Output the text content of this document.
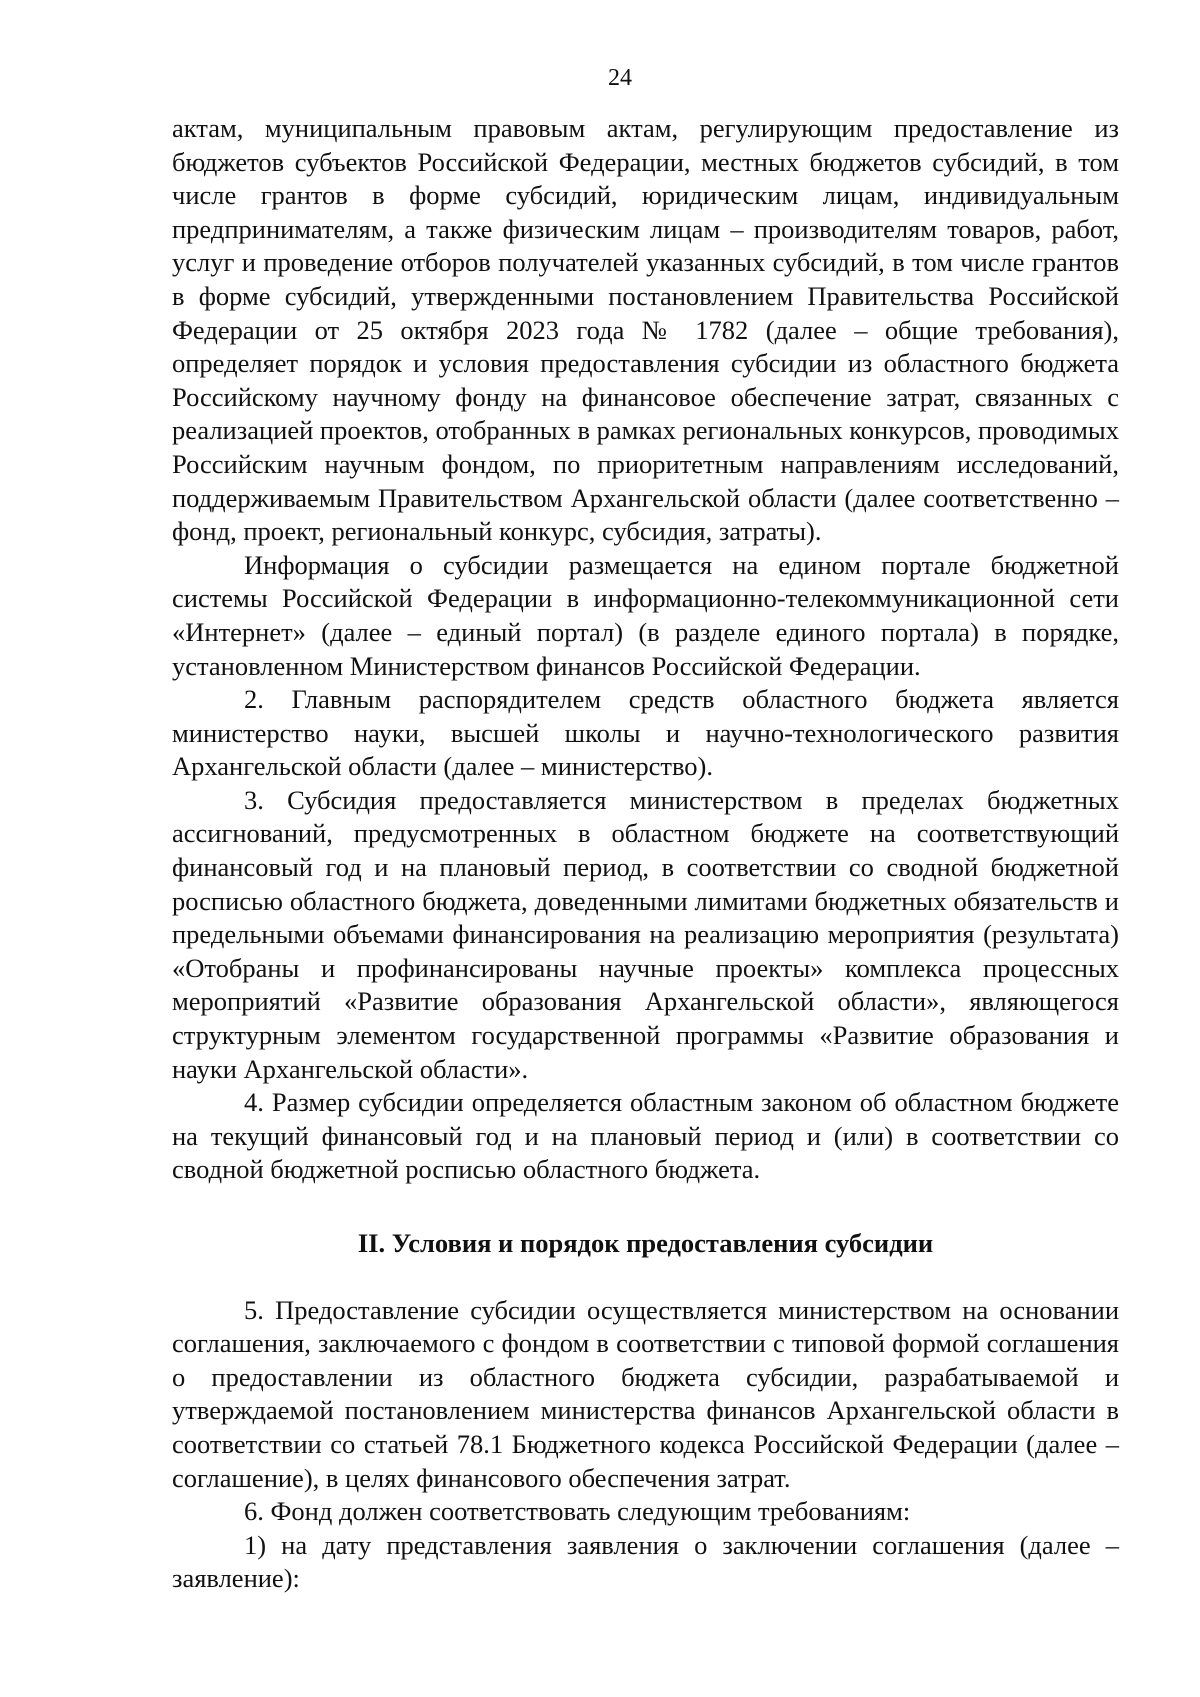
24

актам, муниципальным правовым актам, регулирующим предоставление из бюджетов субъектов Российской Федерации, местных бюджетов субсидий, в том числе грантов в форме субсидий, юридическим лицам, индивидуальным предпринимателям, а также физическим лицам – производителям товаров, работ, услуг и проведение отборов получателей указанных субсидий, в том числе грантов в форме субсидий, утвержденными постановлением Правительства Российской Федерации от 25 октября 2023 года № 1782 (далее – общие требования), определяет порядок и условия предоставления субсидии из областного бюджета Российскому научному фонду на финансовое обеспечение затрат, связанных с реализацией проектов, отобранных в рамках региональных конкурсов, проводимых Российским научным фондом, по приоритетным направлениям исследований, поддерживаемым Правительством Архангельской области (далее соответственно – фонд, проект, региональный конкурс, субсидия, затраты).

Информация о субсидии размещается на едином портале бюджетной системы Российской Федерации в информационно-телекоммуникационной сети «Интернет» (далее – единый портал) (в разделе единого портала) в порядке, установленном Министерством финансов Российской Федерации.

2. Главным распорядителем средств областного бюджета является министерство науки, высшей школы и научно-технологического развития Архангельской области (далее – министерство).

3. Субсидия предоставляется министерством в пределах бюджетных ассигнований, предусмотренных в областном бюджете на соответствующий финансовый год и на плановый период, в соответствии со сводной бюджетной росписью областного бюджета, доведенными лимитами бюджетных обязательств и предельными объемами финансирования на реализацию мероприятия (результата) «Отобраны и профинансированы научные проекты» комплекса процессных мероприятий «Развитие образования Архангельской области», являющегося структурным элементом государственной программы «Развитие образования и науки Архангельской области».

4. Размер субсидии определяется областным законом об областном бюджете на текущий финансовый год и на плановый период и (или) в соответствии со сводной бюджетной росписью областного бюджета.

II. Условия и порядок предоставления субсидии

5. Предоставление субсидии осуществляется министерством на основании соглашения, заключаемого с фондом в соответствии с типовой формой соглашения о предоставлении из областного бюджета субсидии, разрабатываемой и утверждаемой постановлением министерства финансов Архангельской области в соответствии со статьей 78.1 Бюджетного кодекса Российской Федерации (далее – соглашение), в целях финансового обеспечения затрат.

6. Фонд должен соответствовать следующим требованиям:

1) на дату представления заявления о заключении соглашения (далее – заявление):
